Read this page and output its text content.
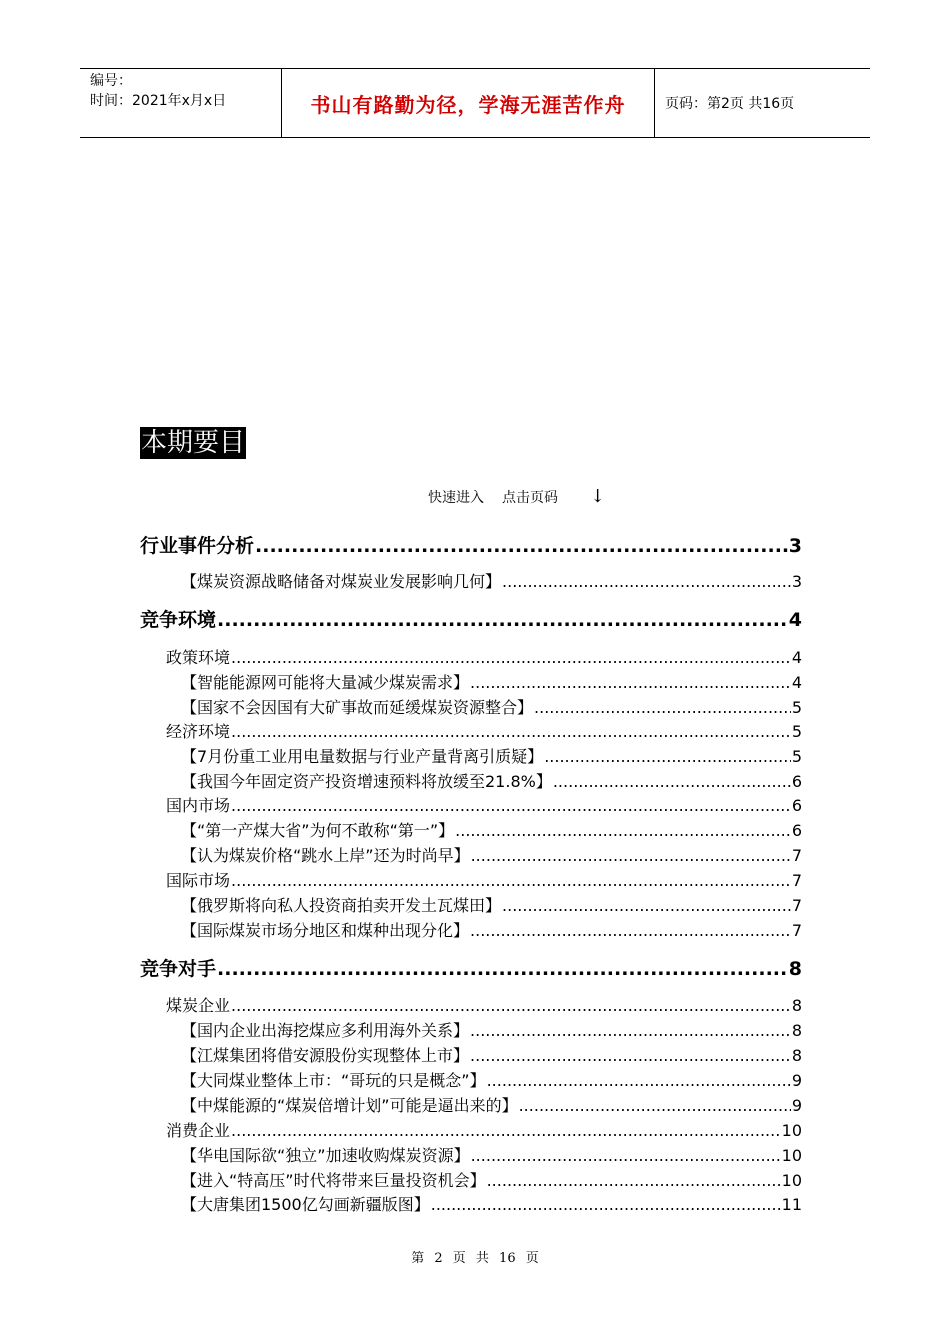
编号：
时间：2021年x月x日	书山有路勤为径，学海无涯苦作舟	页码：第2页 共16页
本期要目
快速进入 点击页码 ↓
行业事件分析 .....	3
【煤炭资源战略储备对煤炭业发展影响几何】 .....	3
竞争环境 .....	4
政策环境 .....	4
【智能能源网可能将大量减少煤炭需求】 .....	4
【国家不会因国有大矿事故而延缓煤炭资源整合】 .....	5
经济环境 .....	5
【7月份重工业用电量数据与行业产量背离引质疑】 .....	5
【我国今年固定资产投资增速预料将放缓至21.8%】 .....	6
国内市场 .....	6
【“第一产煤大省”为何不敢称“第一”】 .....	6
【认为煤炭价格“跳水上岸”还为时尚早】 .....	7
国际市场 .....	7
【俄罗斯将向私人投资商拍卖开发土瓦煤田】 .....	7
【国际煤炭市场分地区和煤种出现分化】 .....	7
竞争对手 .....	8
煤炭企业 .....	8
【国内企业出海挖煤应多利用海外关系】 .....	8
【江煤集团将借安源股份实现整体上市】 .....	8
【大同煤业整体上市：“哥玩的只是概念”】 .....	9
【中煤能源的“煤炭倍增计划”可能是逼出来的】 .....	9
消费企业 .....	10
【华电国际欲“独立”加速收购煤炭资源】 .....	10
【进入“特高压”时代将带来巨量投资机会】 .....	10
【大唐集团1500亿勾画新疆版图】 .....	11
第 2 页 共 16 页
